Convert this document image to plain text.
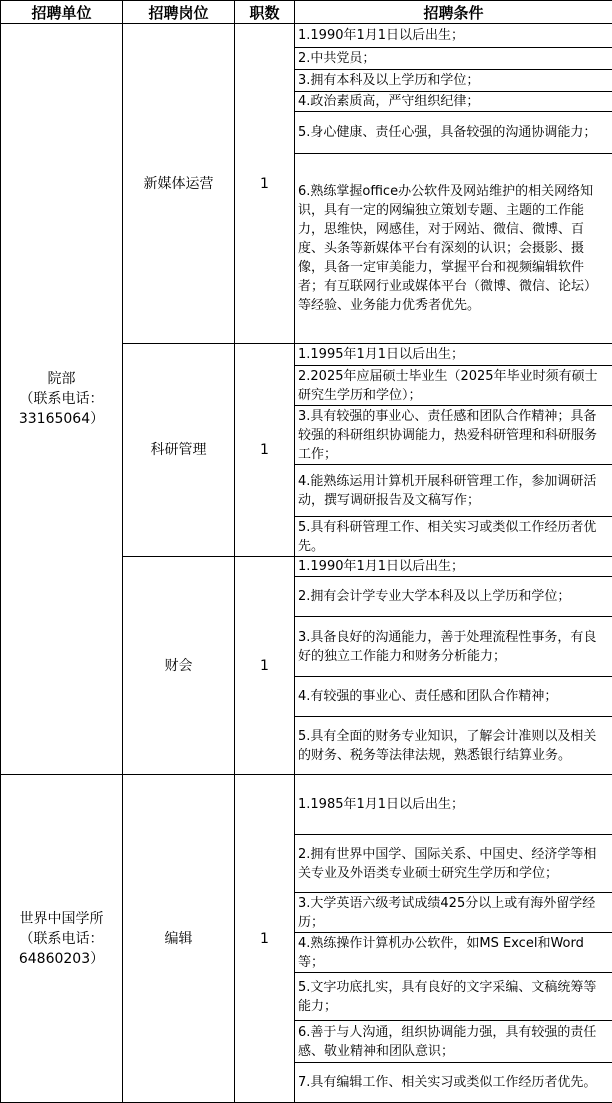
招聘单位	招聘岗位	职数	招聘条件

院部
（联系电话：
33165064）	新媒体运营	1	1.1990年1月1日以后出生；
			2.中共党员；
			3.拥有本科及以上学历和学位；
			4.政治素质高，严守组织纪律；
			5.身心健康、责任心强，具备较强的沟通协调能力；
			6.熟练掌握office办公软件及网站维护的相关网络知识，具有一定的网编独立策划专题、主题的工作能力，思维快，网感佳，对于网站、微信、微博、百度、头条等新媒体平台有深刻的认识；会摄影、摄像，具备一定审美能力，掌握平台和视频编辑软件者；有互联网行业或媒体平台（微博、微信、论坛）等经验、业务能力优秀者优先。
	科研管理	1	1.1995年1月1日以后出生；
			2.2025年应届硕士毕业生（2025年毕业时须有硕士研究生学历和学位）；
			3.具有较强的事业心、责任感和团队合作精神；具备较强的科研组织协调能力，热爱科研管理和科研服务工作；
			4.能熟练运用计算机开展科研管理工作，参加调研活动，撰写调研报告及文稿写作；
			5.具有科研管理工作、相关实习或类似工作经历者优先。
	财会	1	1.1990年1月1日以后出生；
			2.拥有会计学专业大学本科及以上学历和学位；
			3.具备良好的沟通能力，善于处理流程性事务，有良好的独立工作能力和财务分析能力；
			4.有较强的事业心、责任感和团队合作精神；
			5.具有全面的财务专业知识，了解会计准则以及相关的财务、税务等法律法规，熟悉银行结算业务。

世界中国学所
（联系电话：
64860203）	编辑	1	1.1985年1月1日以后出生；
			2.拥有世界中国学、国际关系、中国史、经济学等相关专业及外语类专业硕士研究生学历和学位；
			3.大学英语六级考试成绩425分以上或有海外留学经历；
			4.熟练操作计算机办公软件，如MS Excel和Word等；
			5.文字功底扎实，具有良好的文字采编、文稿统筹等能力；
			6.善于与人沟通，组织协调能力强，具有较强的责任感、敬业精神和团队意识；
			7.具有编辑工作、相关实习或类似工作经历者优先。
